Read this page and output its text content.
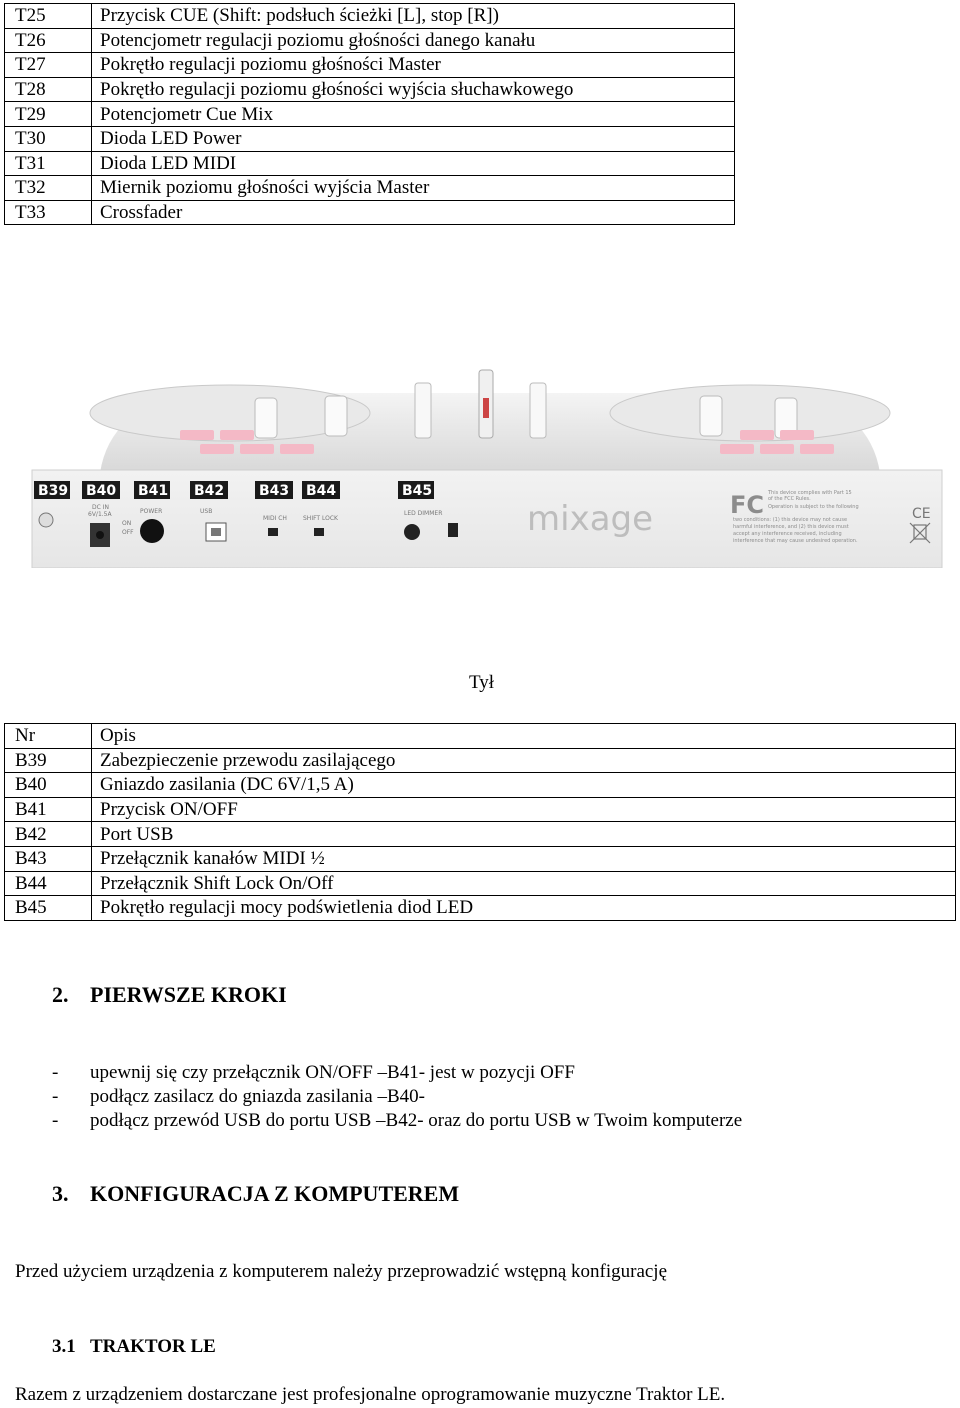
T25	Przycisk CUE (Shift: podsłuch ścieżki [L], stop [R])
T26	Potencjometr regulacji poziomu głośności danego kanału
T27	Pokrętło regulacji poziomu głośności Master
T28	Pokrętło regulacji poziomu głośności wyjścia słuchawkowego
T29	Potencjometr Cue Mix
T30	Dioda LED Power
T31	Dioda LED MIDI
T32	Miernik poziomu głośności wyjścia Master
T33	Crossfader
B39 B40 B41 B42 B43 B44	B45
DC IN
6V/1.5A	POWER
ON
OFF
USB
MIDI CH	SHIFT LOCK
LED DIMMER mixage	FC This device complies with Part 15
of the FCC Rules.
Operation is subject to the following
two conditions: (1) this device may not cause
harmful interference, and (2) this device must
accept any interference received, including
interference that may cause undesired operation.
CE
Tył
Nr	Opis
B39	Zabezpieczenie przewodu zasilającego
B40	Gniazdo zasilania (DC 6V/1,5 A)
B41	Przycisk ON/OFF
B42	Port USB
B43	Przełącznik kanałów MIDI ½
B44	Przełącznik Shift Lock On/Off
B45	Pokrętło regulacji mocy podświetlenia diod LED
2. PIERWSZE KROKI
- upewnij się czy przełącznik ON/OFF –B41- jest w pozycji OFF
- podłącz zasilacz do gniazda zasilania –B40-
- podłącz przewód USB do portu USB –B42- oraz do portu USB w Twoim komputerze
3. KONFIGURACJA Z KOMPUTEREM
Przed użyciem urządzenia z komputerem należy przeprowadzić wstępną konfigurację
3.1 TRAKTOR LE
Razem z urządzeniem dostarczane jest profesjonalne oprogramowanie muzyczne Traktor LE.
